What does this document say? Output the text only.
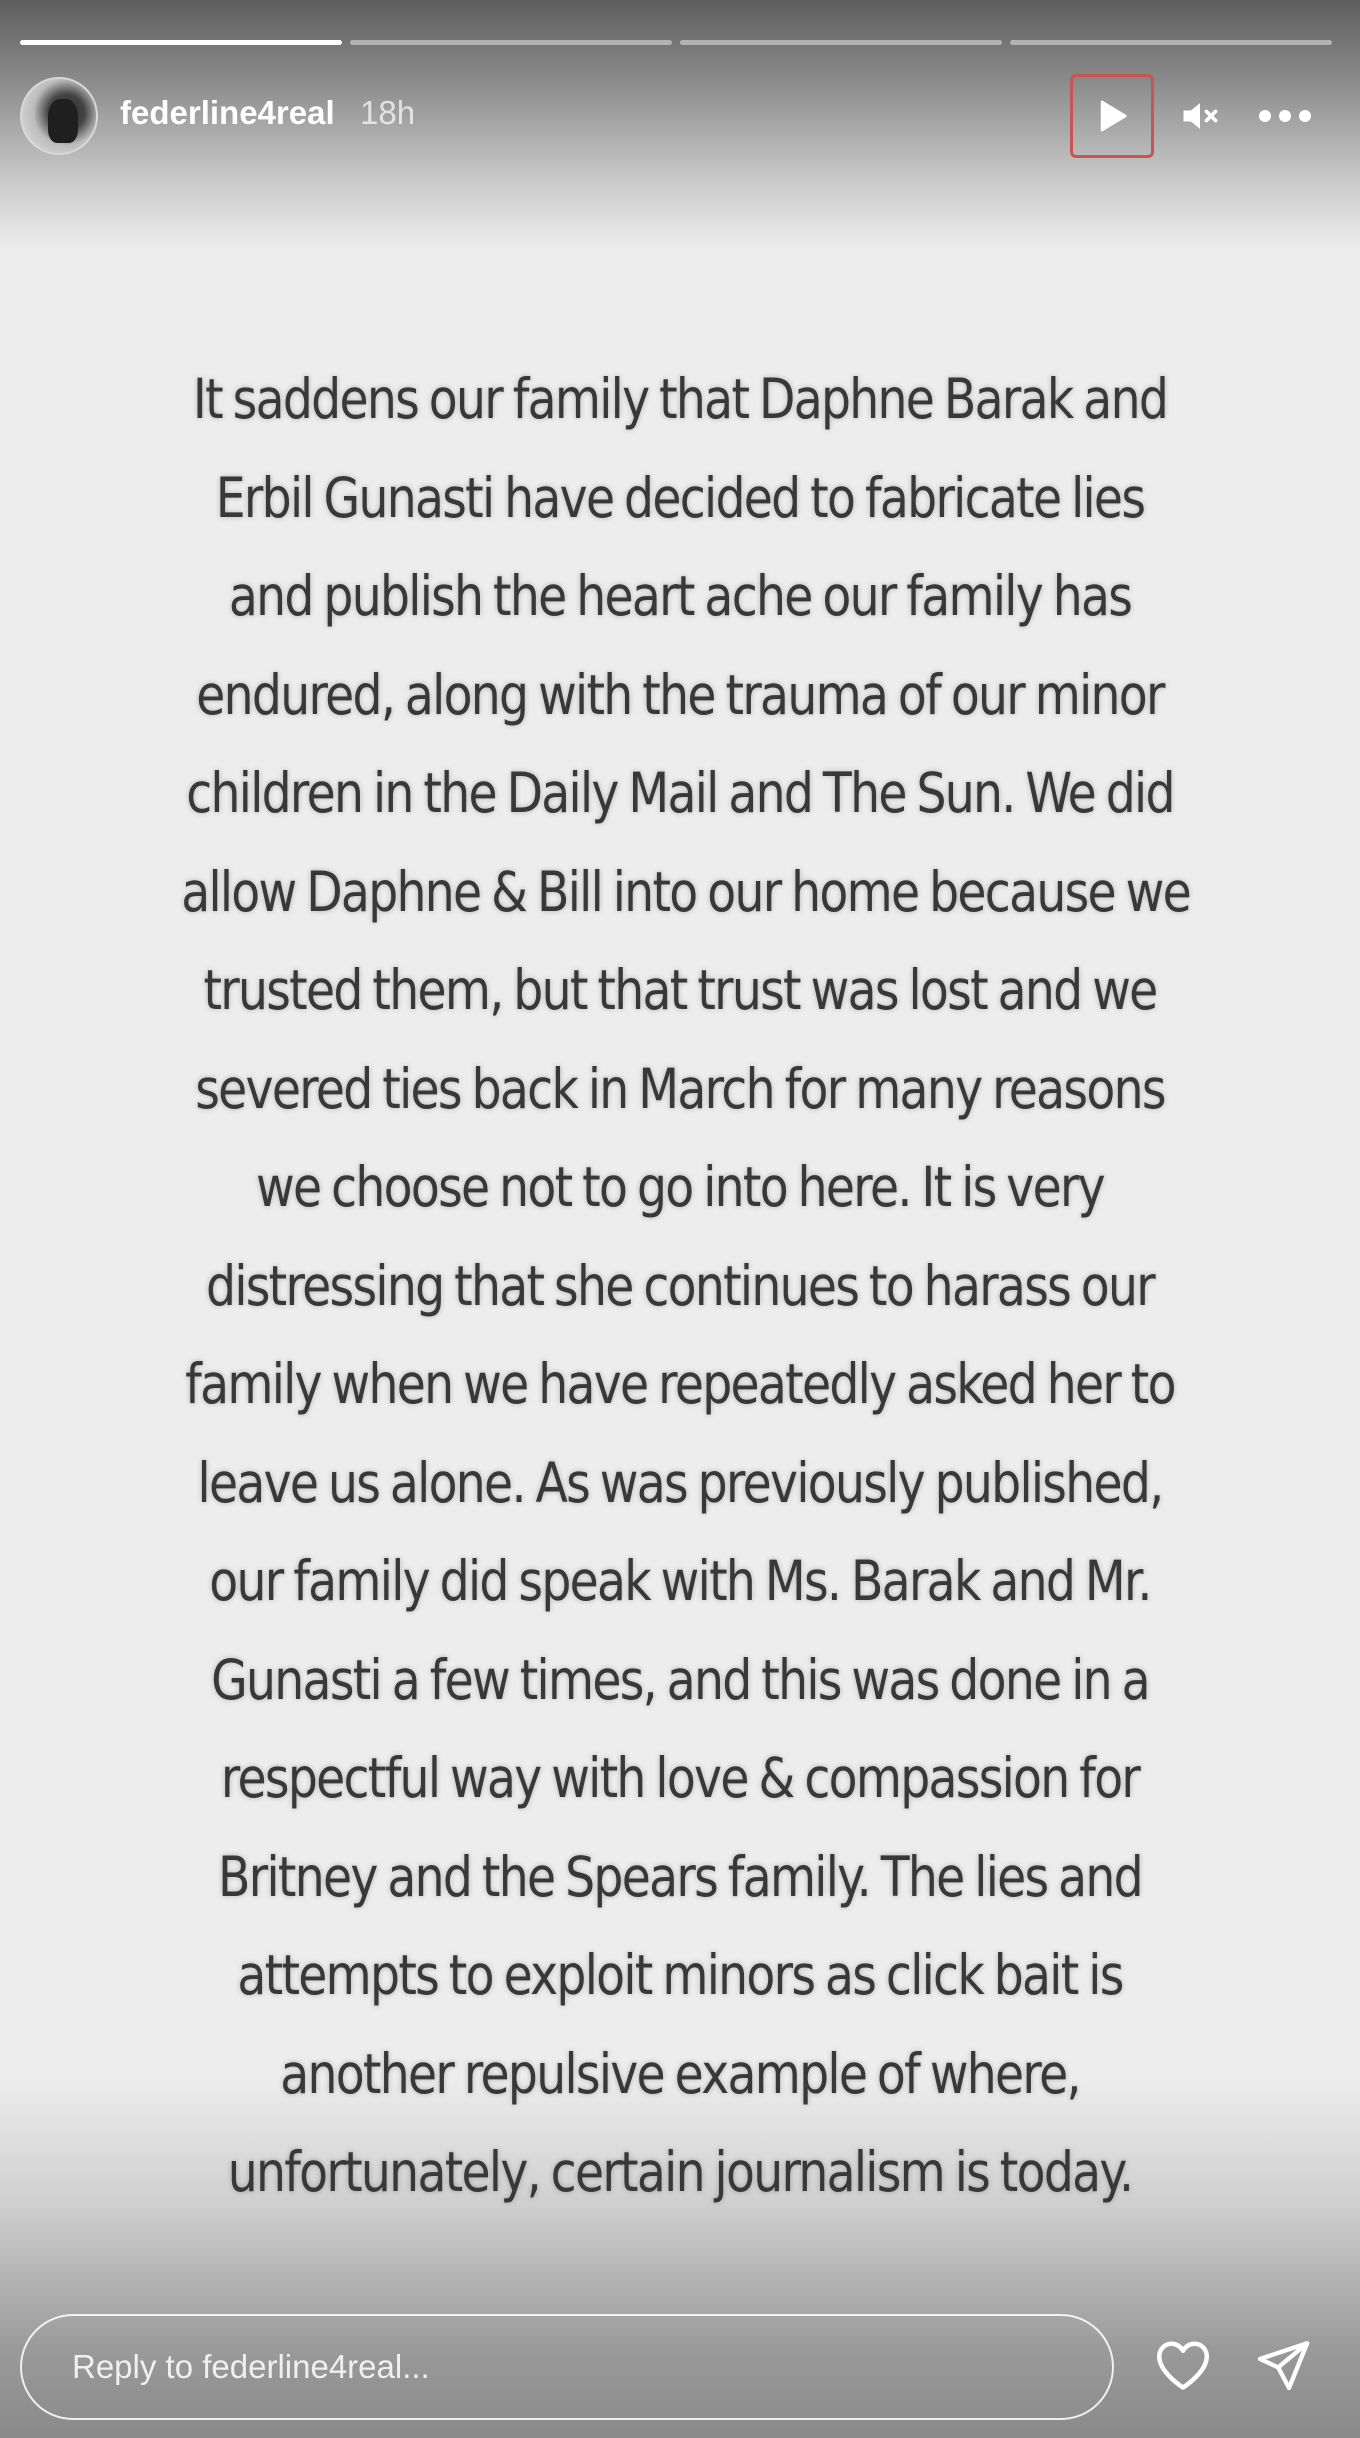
federline4real 18h
It saddens our family that Daphne Barak and
Erbil Gunasti have decided to fabricate lies
and publish the heart ache our family has
endured, along with the trauma of our minor
children in the Daily Mail and The Sun. We did
allow Daphne & Bill into our home because we
trusted them, but that trust was lost and we
severed ties back in March for many reasons
we choose not to go into here. It is very
distressing that she continues to harass our
family when we have repeatedly asked her to
leave us alone. As was previously published,
our family did speak with Ms. Barak and Mr.
Gunasti a few times, and this was done in a
respectful way with love & compassion for
Britney and the Spears family. The lies and
attempts to exploit minors as click bait is
another repulsive example of where,
unfortunately, certain journalism is today.
Reply to federline4real...
